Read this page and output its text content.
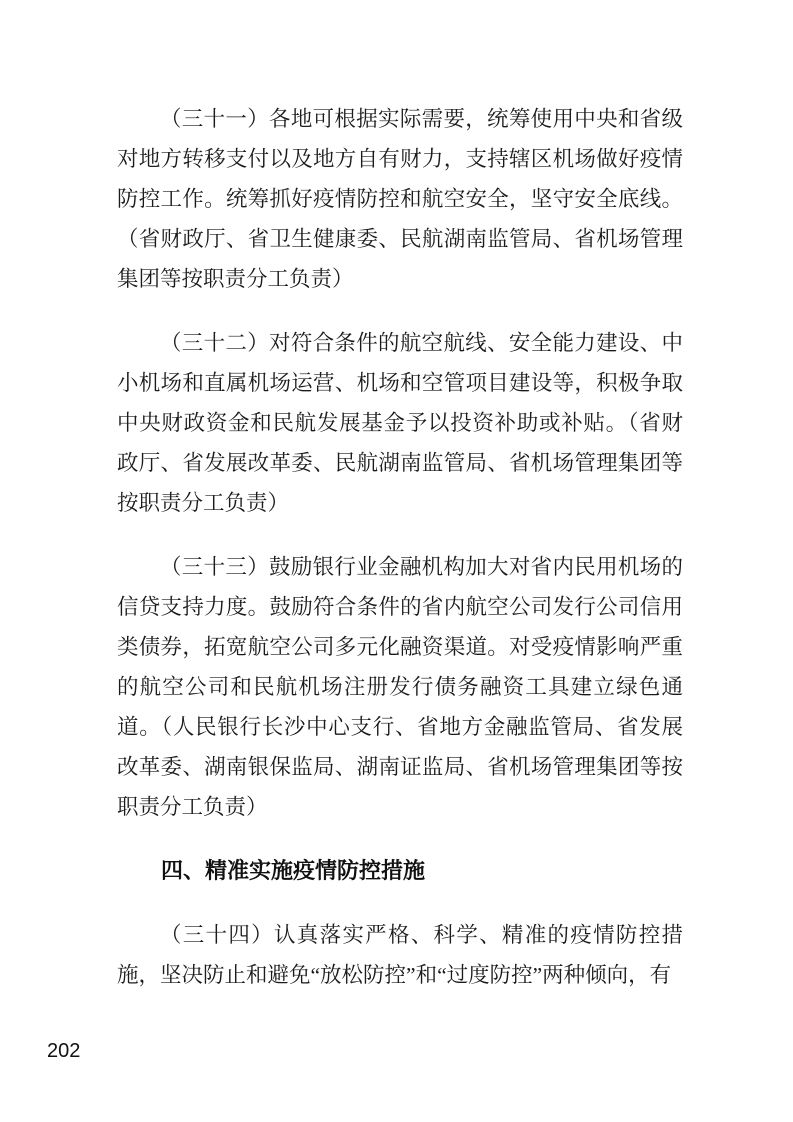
（三十一）各地可根据实际需要，统筹使用中央和省级对地方转移支付以及地方自有财力，支持辖区机场做好疫情防控工作。统筹抓好疫情防控和航空安全，坚守安全底线。（省财政厅、省卫生健康委、民航湖南监管局、省机场管理集团等按职责分工负责）

（三十二）对符合条件的航空航线、安全能力建设、中小机场和直属机场运营、机场和空管项目建设等，积极争取中央财政资金和民航发展基金予以投资补助或补贴。（省财政厅、省发展改革委、民航湖南监管局、省机场管理集团等按职责分工负责）

（三十三）鼓励银行业金融机构加大对省内民用机场的信贷支持力度。鼓励符合条件的省内航空公司发行公司信用类债券，拓宽航空公司多元化融资渠道。对受疫情影响严重的航空公司和民航机场注册发行债务融资工具建立绿色通道。（人民银行长沙中心支行、省地方金融监管局、省发展改革委、湖南银保监局、湖南证监局、省机场管理集团等按职责分工负责）

四、精准实施疫情防控措施

（三十四）认真落实严格、科学、精准的疫情防控措施，坚决防止和避免“放松防控”和“过度防控”两种倾向，有

202
